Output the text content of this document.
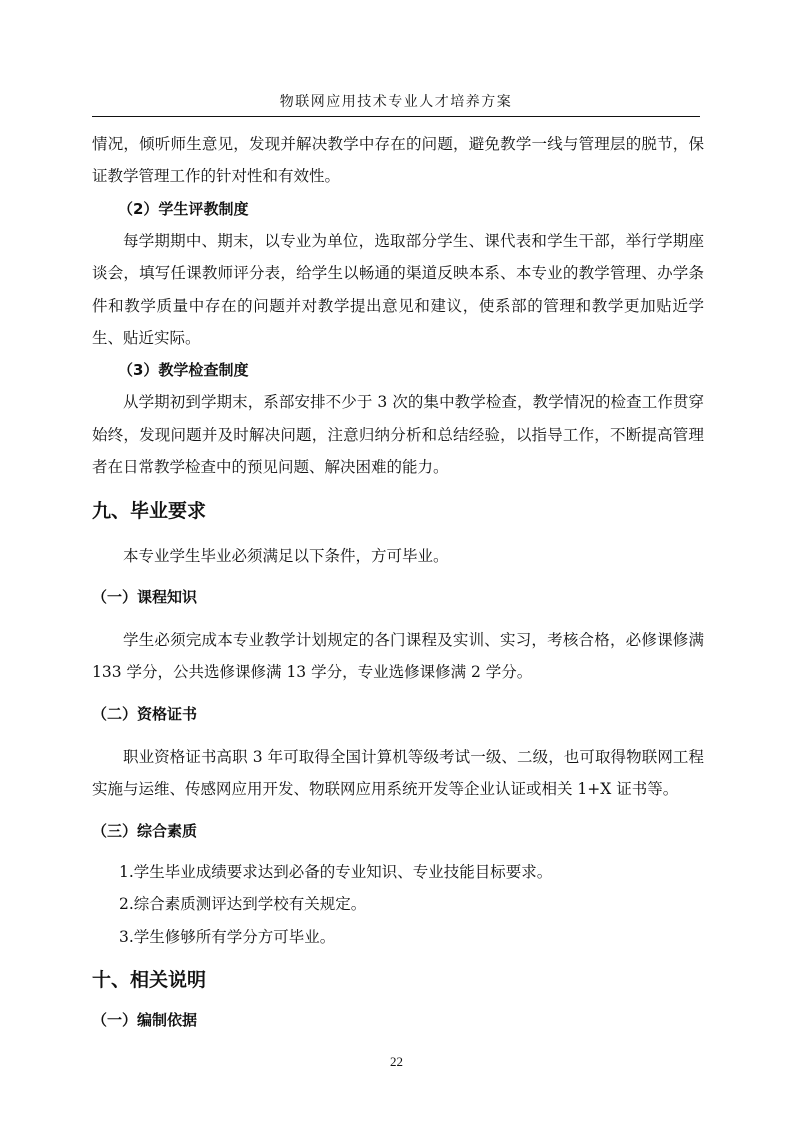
物联网应用技术专业人才培养方案

情况，倾听师生意见，发现并解决教学中存在的问题，避免教学一线与管理层的脱节，保证教学管理工作的针对性和有效性。

（2）学生评教制度

每学期期中、期末，以专业为单位，选取部分学生、课代表和学生干部，举行学期座谈会，填写任课教师评分表，给学生以畅通的渠道反映本系、本专业的教学管理、办学条件和教学质量中存在的问题并对教学提出意见和建议，使系部的管理和教学更加贴近学生、贴近实际。

（3）教学检查制度

从学期初到学期末，系部安排不少于 3 次的集中教学检查，教学情况的检查工作贯穿始终，发现问题并及时解决问题，注意归纳分析和总结经验，以指导工作，不断提高管理者在日常教学检查中的预见问题、解决困难的能力。

九、毕业要求

本专业学生毕业必须满足以下条件，方可毕业。

（一）课程知识

学生必须完成本专业教学计划规定的各门课程及实训、实习，考核合格，必修课修满 133 学分，公共选修课修满 13 学分，专业选修课修满 2 学分。

（二）资格证书

职业资格证书高职 3 年可取得全国计算机等级考试一级、二级，也可取得物联网工程实施与运维、传感网应用开发、物联网应用系统开发等企业认证或相关 1+X 证书等。

（三）综合素质

1.学生毕业成绩要求达到必备的专业知识、专业技能目标要求。

2.综合素质测评达到学校有关规定。

3.学生修够所有学分方可毕业。

十、相关说明

（一）编制依据

22
